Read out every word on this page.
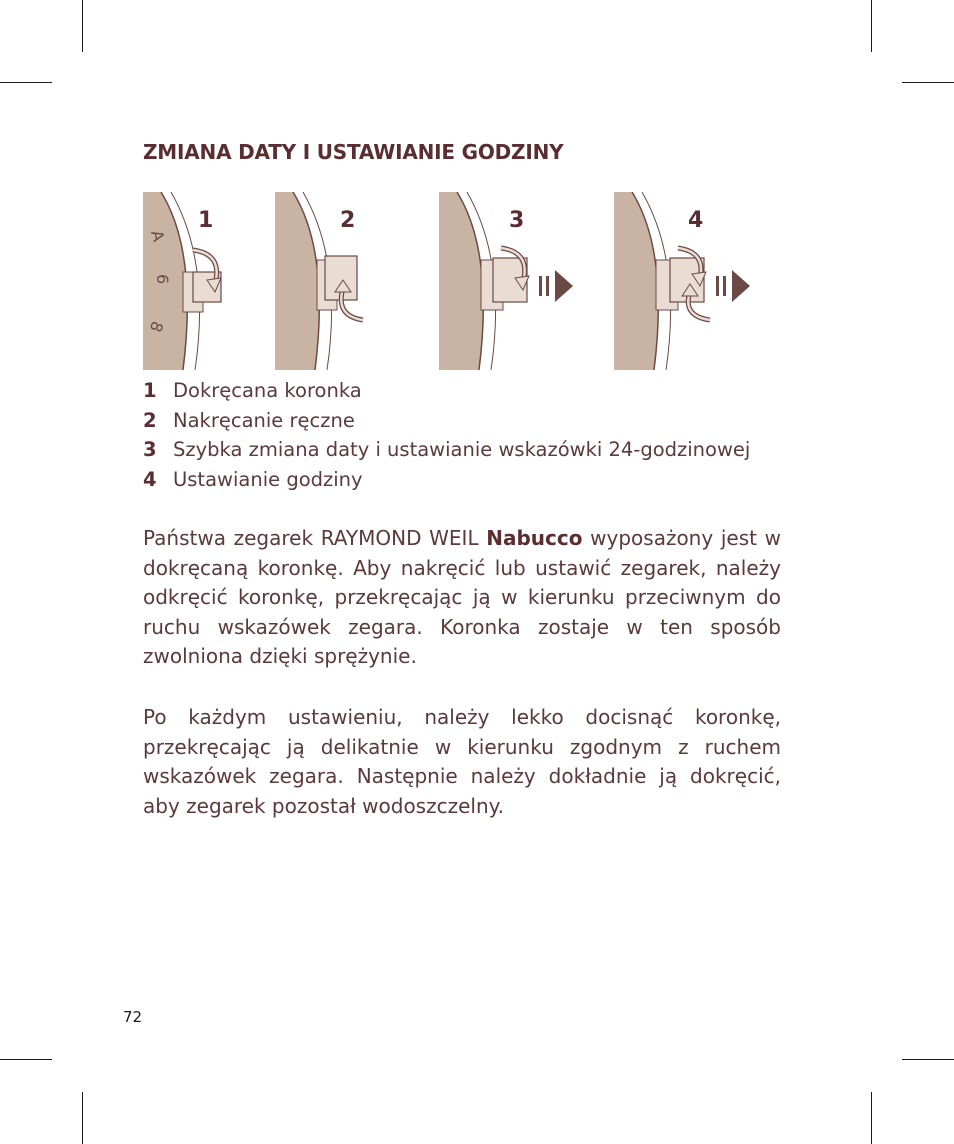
ZMIANA DATY I USTAWIANIE GODZINY
A
6
8
1	2	3	4
1 Dokręcana koronka
2 Nakręcanie ręczne
3 Szybka zmiana daty i ustawianie wskazówki 24-godzinowej
4 Ustawianie godziny
Państwa zegarek RAYMOND WEIL Nabucco wyposażony jest w dokręcaną koronkę. Aby nakręcić lub ustawić zegarek, należy odkręcić koronkę, przekręcając ją w kierunku przeciwnym do ruchu wskazówek zegara. Koronka zostaje w ten sposób zwolniona dzięki sprężynie.
Po każdym ustawieniu, należy lekko docisnąć koronkę, przekręcając ją delikatnie w kierunku zgodnym z ruchem wskazówek zegara. Następnie należy dokładnie ją dokręcić, aby zegarek pozostał wodoszczelny.
72
